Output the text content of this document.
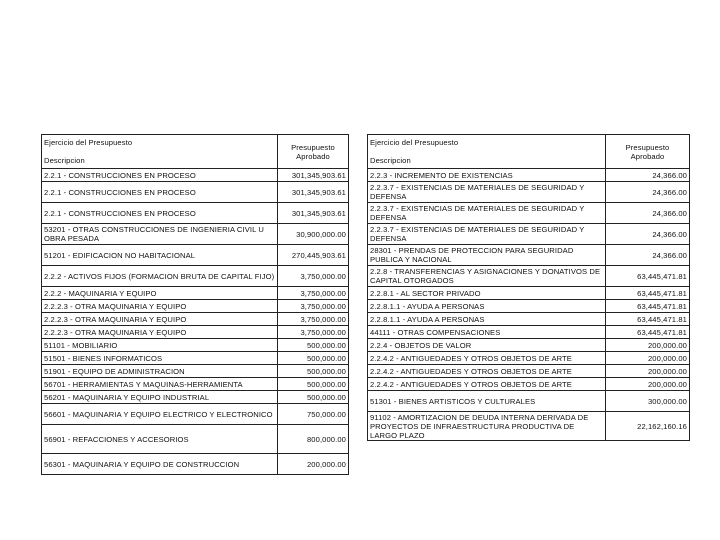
Ejercicio del Presupuesto
Descripcion	Presupuesto Aprobado
2.2.1 - CONSTRUCCIONES EN PROCESO	301,345,903.61
2.2.1 - CONSTRUCCIONES EN PROCESO	301,345,903.61
2.2.1 - CONSTRUCCIONES EN PROCESO	301,345,903.61
53201 - OTRAS CONSTRUCCIONES DE INGENIERIA CIVIL U OBRA PESADA	30,900,000.00
51201 - EDIFICACION NO HABITACIONAL	270,445,903.61
2.2.2 - ACTIVOS FIJOS (FORMACION BRUTA DE CAPITAL FIJO)	3,750,000.00
2.2.2 - MAQUINARIA Y EQUIPO	3,750,000.00
2.2.2.3 - OTRA MAQUINARIA Y EQUIPO	3,750,000.00
2.2.2.3 - OTRA MAQUINARIA Y EQUIPO	3,750,000.00
2.2.2.3 - OTRA MAQUINARIA Y EQUIPO	3,750,000.00
51101 - MOBILIARIO	500,000.00
51501 - BIENES INFORMATICOS	500,000.00
51901 - EQUIPO DE ADMINISTRACION	500,000.00
56701 - HERRAMIENTAS Y MAQUINAS-HERRAMIENTA	500,000.00
56201 - MAQUINARIA Y EQUIPO INDUSTRIAL	500,000.00
56601 - MAQUINARIA Y EQUIPO ELECTRICO Y ELECTRONICO	750,000.00
56901 - REFACCIONES Y ACCESORIOS	800,000.00
56301 - MAQUINARIA Y EQUIPO DE CONSTRUCCION	200,000.00
Ejercicio del Presupuesto
Descripcion	Presupuesto Aprobado
2.2.3 - INCREMENTO DE EXISTENCIAS	24,366.00
2.2.3.7 - EXISTENCIAS DE MATERIALES DE SEGURIDAD Y DEFENSA	24,366.00
2.2.3.7 - EXISTENCIAS DE MATERIALES DE SEGURIDAD Y DEFENSA	24,366.00
2.2.3.7 - EXISTENCIAS DE MATERIALES DE SEGURIDAD Y DEFENSA	24,366.00
28301 - PRENDAS DE PROTECCION PARA SEGURIDAD PUBLICA Y NACIONAL	24,366.00
2.2.8 - TRANSFERENCIAS Y ASIGNACIONES Y DONATIVOS DE CAPITAL OTORGADOS	63,445,471.81
2.2.8.1 - AL SECTOR PRIVADO	63,445,471.81
2.2.8.1.1 - AYUDA A PERSONAS	63,445,471.81
2.2.8.1.1 - AYUDA A PERSONAS	63,445,471.81
44111 - OTRAS COMPENSACIONES	63,445,471.81
2.2.4 - OBJETOS DE VALOR	200,000.00
2.2.4.2 - ANTIGUEDADES Y OTROS OBJETOS DE ARTE	200,000.00
2.2.4.2 - ANTIGUEDADES Y OTROS OBJETOS DE ARTE	200,000.00
2.2.4.2 - ANTIGUEDADES Y OTROS OBJETOS DE ARTE	200,000.00
51301 - BIENES ARTISTICOS Y CULTURALES	300,000.00
91102 - AMORTIZACION DE DEUDA INTERNA DERIVADA DE PROYECTOS DE INFRAESTRUCTURA PRODUCTIVA DE LARGO PLAZO	22,162,160.16
